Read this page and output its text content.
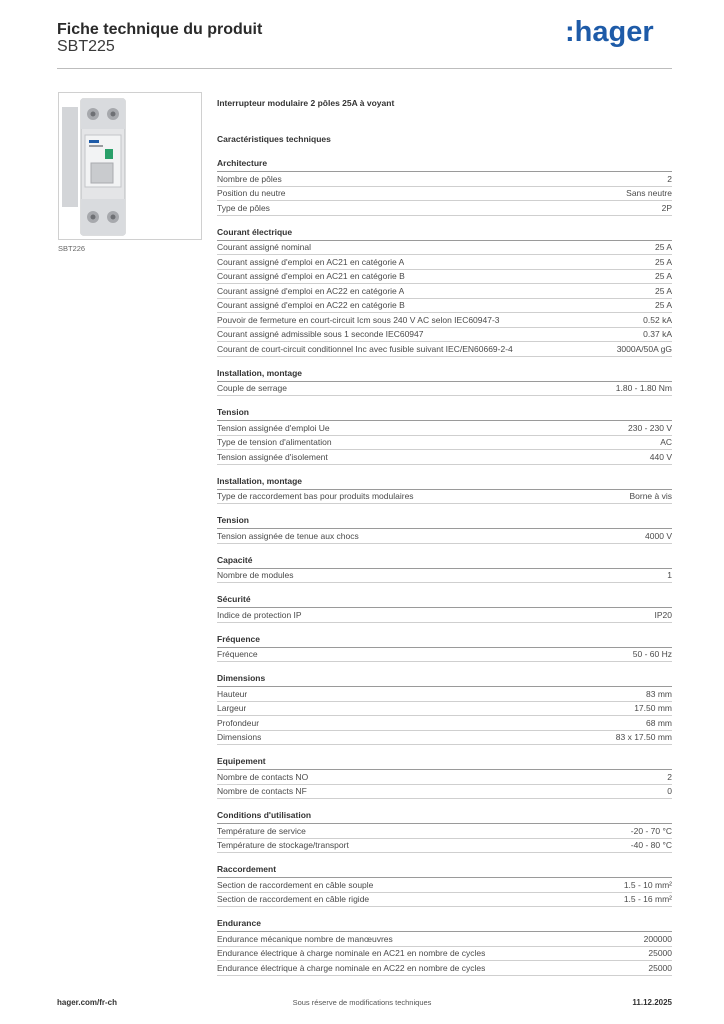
Fiche technique du produit
SBT225	:hager
SBT226
Interrupteur modulaire 2 pôles 25A à voyant
Caractéristiques techniques
Architecture
Nombre de pôles	2
Position du neutre	Sans neutre
Type de pôles	2P
Courant électrique
Courant assigné nominal	25 A
Courant assigné d'emploi en AC21 en catégorie A	25 A
Courant assigné d'emploi en AC21 en catégorie B	25 A
Courant assigné d'emploi en AC22 en catégorie A	25 A
Courant assigné d'emploi en AC22 en catégorie B	25 A
Pouvoir de fermeture en court-circuit Icm sous 240 V AC selon IEC60947-3	0.52 kA
Courant assigné admissible sous 1 seconde IEC60947	0.37 kA
Courant de court-circuit conditionnel Inc avec fusible suivant IEC/EN60669-2-4	3000A/50A gG
Installation, montage
Couple de serrage	1.80 - 1.80 Nm
Tension
Tension assignée d'emploi Ue	230 - 230 V
Type de tension d'alimentation	AC
Tension assignée d'isolement	440 V
Installation, montage
Type de raccordement bas pour produits modulaires	Borne à vis
Tension
Tension assignée de tenue aux chocs	4000 V
Capacité
Nombre de modules	1
Sécurité
Indice de protection IP	IP20
Fréquence
Fréquence	50 - 60 Hz
Dimensions
Hauteur	83 mm
Largeur	17.50 mm
Profondeur	68 mm
Dimensions	83 x 17.50 mm
Equipement
Nombre de contacts NO	2
Nombre de contacts NF	0
Conditions d'utilisation
Température de service	-20 - 70 °C
Température de stockage/transport	-40 - 80 °C
Raccordement
Section de raccordement en câble souple	1.5 - 10 mm²
Section de raccordement en câble rigide	1.5 - 16 mm²
Endurance
Endurance mécanique nombre de manœuvres	200000
Endurance électrique à charge nominale en AC21 en nombre de cycles	25000
Endurance électrique à charge nominale en AC22 en nombre de cycles	25000
hager.com/fr-ch	Sous réserve de modifications techniques	11.12.2025
